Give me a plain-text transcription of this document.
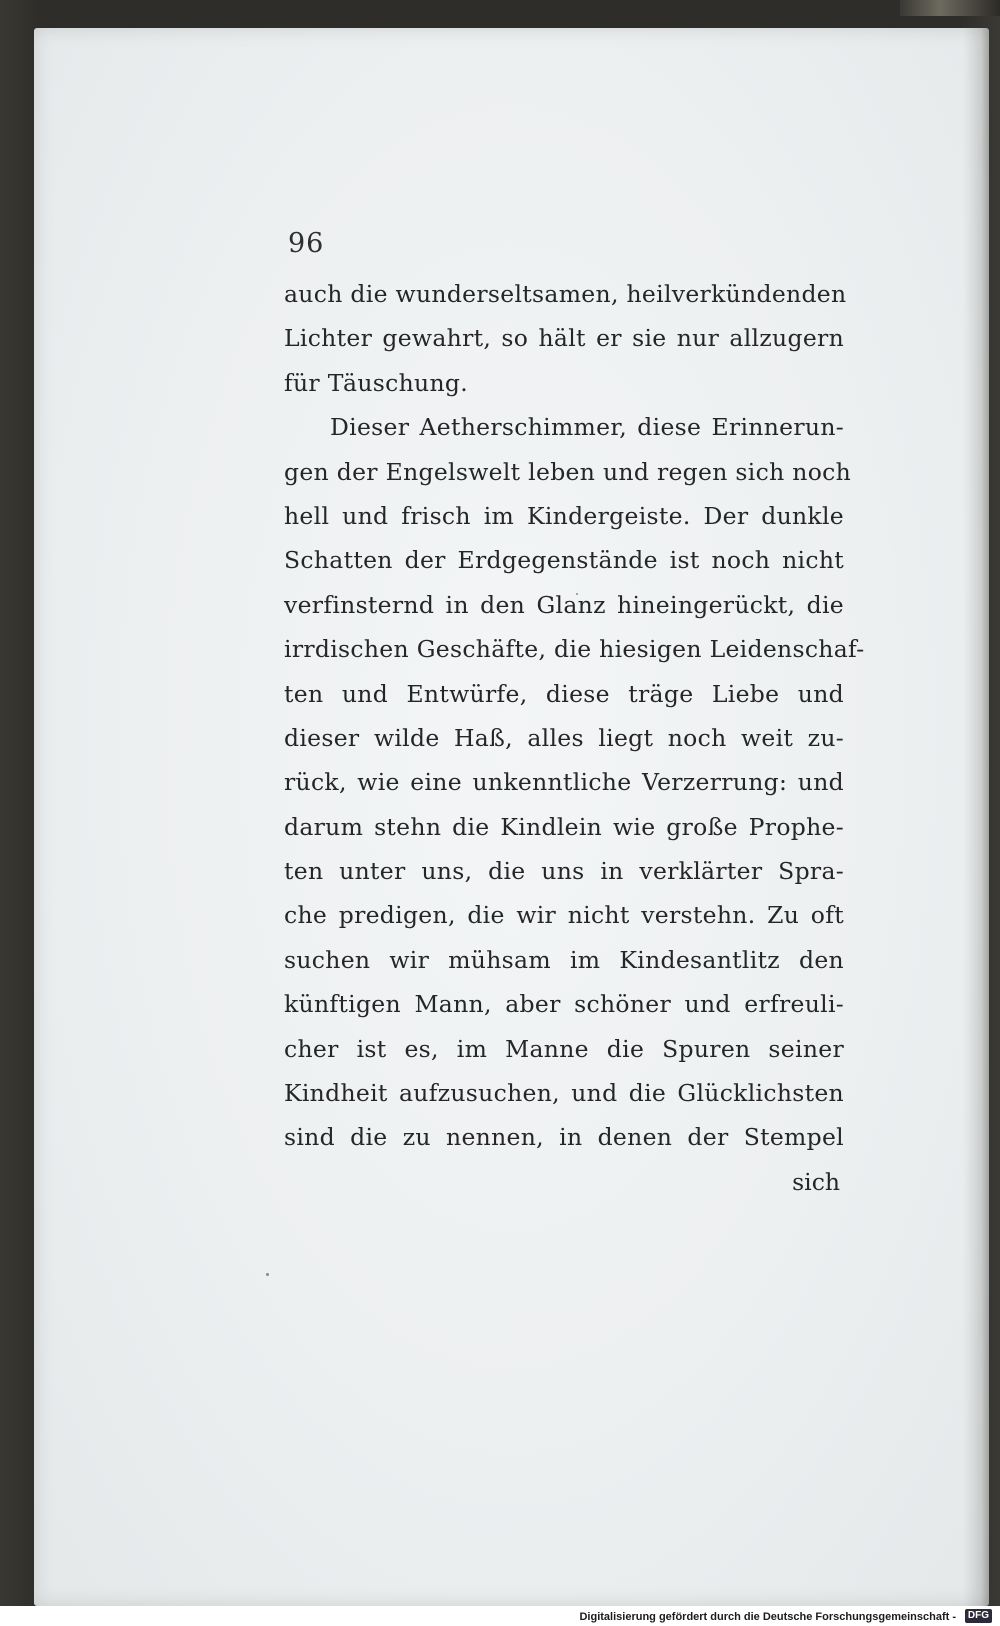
96
auch die wunderseltsamen, heilverkündenden
Lichter gewahrt, so hält er sie nur allzugern
für Täuschung.
Dieser Aetherschimmer, diese Erinnerun-
gen der Engelswelt leben und regen sich noch
hell und frisch im Kindergeiste. Der dunkle
Schatten der Erdgegenstände ist noch nicht
verfinsternd in den Glanz hineingerückt, die
irrdischen Geschäfte, die hiesigen Leidenschaf-
ten und Entwürfe, diese träge Liebe und
dieser wilde Haß, alles liegt noch weit zu-
rück, wie eine unkenntliche Verzerrung: und
darum stehn die Kindlein wie große Prophe-
ten unter uns, die uns in verklärter Spra-
che predigen, die wir nicht verstehn. Zu oft
suchen wir mühsam im Kindesantlitz den
künftigen Mann, aber schöner und erfreuli-
cher ist es, im Manne die Spuren seiner
Kindheit aufzusuchen, und die Glücklichsten
sind die zu nennen, in denen der Stempel
sich
Digitalisierung gefördert durch die Deutsche Forschungsgemeinschaft -	DFG
